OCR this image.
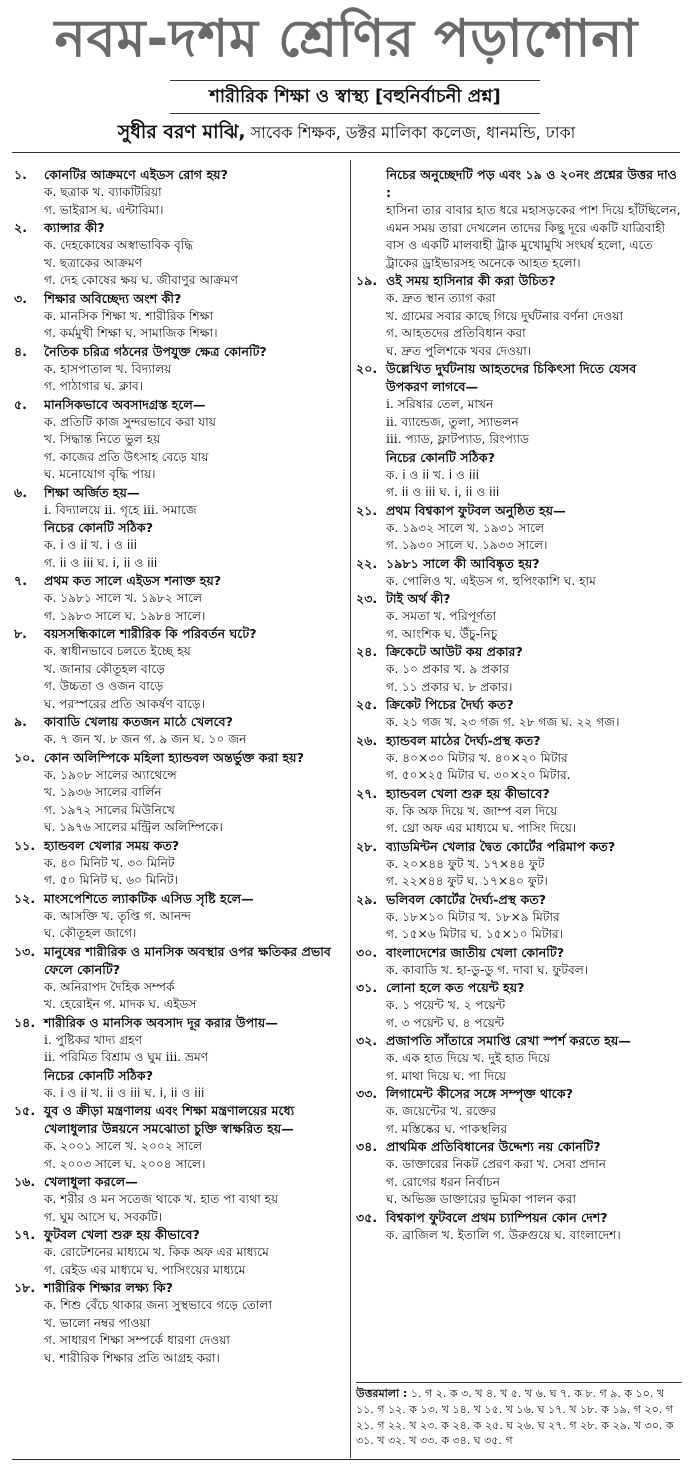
নবম-দশম শ্রেণির পড়াশোনা
শারীরিক শিক্ষা ও স্বাস্থ্য [বহুনির্বাচনী প্রশ্ন]
সুধীর বরণ মাঝি, সাবেক শিক্ষক, ডক্টর মালিকা কলেজ, ধানমন্ডি, ঢাকা
১.	কোনটির আক্রমণে এইডস রোগ হয়?
ক. ছত্রাক খ. ব্যাকটিরিয়া
গ. ভাইরাস ঘ. এন্টাবিমা।
২.	ক্যান্সার কী?
ক. দেহকোষের অস্বাভাবিক বৃদ্ধি
খ. ছত্রাকের আক্রমণ
গ. দেহ কোষের ক্ষয় ঘ. জীবাণুর আক্রমণ
৩.	শিক্ষার অবিচ্ছেদ্য অংশ কী?
ক. মানসিক শিক্ষা খ. শারীরিক শিক্ষা
গ. কর্মমুখী শিক্ষা ঘ. সামাজিক শিক্ষা।
৪.	নৈতিক চরিত্র গঠনের উপযুক্ত ক্ষেত্র কোনটি?
ক. হাসপাতাল খ. বিদ্যালয়
গ. পাঠাগার ঘ. ক্লাব।
৫.	মানসিকভাবে অবসাদগ্রস্ত হলে—
ক. প্রতিটি কাজ সুন্দরভাবে করা যায়
খ. সিদ্ধান্ত নিতে ভুল হয়
গ. কাজের প্রতি উৎসাহ বেড়ে যায়
ঘ. মনোযোগ বৃদ্ধি পায়।
৬.	শিক্ষা অর্জিত হয়—
i. বিদ্যালয়ে ii. গৃহে iii. সমাজে
নিচের কোনটি সঠিক?
ক. i ও ii খ. i ও iii
গ. ii ও iii ঘ. i, ii ও iii
৭.	প্রথম কত সালে এইডস শনাক্ত হয়?
ক. ১৯৮১ সালে খ. ১৯৮২ সালে
গ. ১৯৮৩ সালে ঘ. ১৯৮৪ সালে।
৮.	বয়সসন্ধিকালে শারীরিক কি পরিবর্তন ঘটে?
ক. স্বাধীনভাবে চলতে ইচ্ছে হয়
খ. জানার কৌতূহল বাড়ে
গ. উচ্চতা ও ওজন বাড়ে
ঘ. পরস্পরের প্রতি আকর্ষণ বাড়ে।
৯.	কাবাডি খেলায় কতজন মাঠে খেলবে?
ক. ৭ জন খ. ৮ জন গ. ৯ জন ঘ. ১০ জন
১০. কোন অলিম্পিকে মহিলা হ্যান্ডবল অন্তর্ভুক্ত করা হয়?
ক. ১৯০৮ সালের অ্যাথেন্সে
খ. ১৯৩৬ সালের বার্লিন
গ. ১৯৭২ সালের মিউনিখে
ঘ. ১৯৭৬ সালের মন্ট্রিল অলিম্পিকে।
১১. হ্যান্ডবল খেলার সময় কত?
ক. ৪০ মিনিট খ. ৩০ মিনিট
গ. ৫০ মিনিট ঘ. ৬০ মিনিট।
১২. মাংসপেশিতে ল্যাকটিক এসিড সৃষ্টি হলে—
ক. আসক্তি খ. তৃপ্তি গ. আনন্দ
ঘ. কৌতূহল জাগে।
১৩. মানুষের শারীরিক ও মানসিক অবস্থার ওপর ক্ষতিকর প্রভাব ফেলে কোনটি?
ক. অনিরাপদ দৈহিক সম্পর্ক
খ. হেরোইন গ. মাদক ঘ. এইডস
১৪. শারীরিক ও মানসিক অবসাদ দূর করার উপায়—
i. পুষ্টিকর খাদ্য গ্রহণ
ii. পরিমিত বিশ্রাম ও ঘুম iii. ভ্রমণ
নিচের কোনটি সঠিক?
ক. i ও ii খ. ii ও iii ঘ. i, ii ও iii
১৫. যুব ও ক্রীড়া মন্ত্রণালয় এবং শিক্ষা মন্ত্রণালয়ের মধ্যে খেলাধুলার উন্নয়নে সমঝোতা চুক্তি স্বাক্ষরিত হয়—
ক. ২০০১ সালে খ. ২০০২ সালে
গ. ২০০৩ সালে ঘ. ২০০৪ সালে।
১৬. খেলাধুলা করলে—
ক. শরীর ও মন সতেজ থাকে খ. হাত পা ব্যথা হয়
গ. ঘুম আসে ঘ. সবকটি।
১৭. ফুটবল খেলা শুরু হয় কীভাবে?
ক. রোটেশনের মাধ্যমে খ. কিক অফ এর মাধ্যমে
গ. রেইড এর মাধ্যমে ঘ. পাসিংয়ের মাধ্যমে
১৮. শারীরিক শিক্ষার লক্ষ্য কি?
ক. শিশু বেঁচে থাকার জন্য সুস্থভাবে গড়ে তোলা
খ. ভালো নম্বর পাওয়া
গ. সাধারণ শিক্ষা সম্পর্কে ধারণা দেওয়া
ঘ. শারীরিক শিক্ষার প্রতি আগ্রহ করা।
নিচের অনুচ্ছেদটি পড় এবং ১৯ ও ২০নং প্রশ্নের উত্তর দাও :
হাসিনা তার বাবার হাত ধরে মহাসড়কের পাশ দিয়ে হাঁটছিলেন, এমন সময় তারা দেখলেন তাদের কিছু দূরে একটি যাত্রিবাহী বাস ও একটি মালবাহী ট্রাক মুখোমুখি সংঘর্ষ হলো, এতে ট্রাকের ড্রাইভারসহ অনেকে আহত হলো।
১৯. ওই সময় হাসিনার কী করা উচিত?
ক. দ্রুত স্থান ত্যাগ করা
খ. গ্রামের সবার কাছে গিয়ে দুর্ঘটনার বর্ণনা দেওয়া
গ. আহতদের প্রতিবিধান করা
ঘ. দ্রুত পুলিশকে খবর দেওয়া।
২০. উল্লেখিত দুর্ঘটনায় আহতদের চিকিৎসা দিতে যেসব উপকরণ লাগবে—
i. সরিষার তেল, মাখন
ii. ব্যান্ডেজ, তুলা, স্যাভলন
iii. প্যাড, ফ্লাটপ্যাড, রিংপ্যাড
নিচের কোনটি সঠিক?
ক. i ও ii খ. i ও iii
গ. ii ও iii ঘ. i, ii ও iii
২১. প্রথম বিশ্বকাপ ফুটবল অনুষ্ঠিত হয়—
ক. ১৯৩২ সালে খ. ১৯৩১ সালে
গ. ১৯৩০ সালে ঘ. ১৯৩৩ সালে।
২২. ১৯৮১ সালে কী আবিষ্কৃত হয়?
ক. পোলিও খ. এইডস গ. হুপিংকাশি ঘ. হাম
২৩. টাই অর্থ কী?
ক. সমতা খ. পরিপূর্ণতা
গ. আংশিক ঘ. উঁচু-নিচু
২৪. ক্রিকেটে আউট কয় প্রকার?
ক. ১০ প্রকার খ. ৯ প্রকার
গ. ১১ প্রকার ঘ. ৮ প্রকার।
২৫. ক্রিকেট পিচের দৈর্ঘ্য কত?
ক. ২১ গজ খ. ২৩ গজ গ. ২৮ গজ ঘ. ২২ গজ।
২৬. হ্যান্ডবল মাঠের দৈর্ঘ্য-প্রস্থ কত?
ক. ৪০×৩০ মিটার খ. ৪০×২০ মিটার
গ. ৫০×২৫ মিটার ঘ. ৩০×২০ মিটার.
২৭. হ্যান্ডবল খেলা শুরু হয় কীভাবে?
ক. কি অফ দিয়ে খ. জাম্প বল দিয়ে
গ. থ্রো অফ এর মাধ্যমে ঘ. পাসিং দিয়ে।
২৮. ব্যাডমিন্টন খেলার দ্বৈত কোর্টের পরিমাপ কত?
ক. ২০×৪৪ ফুট খ. ১৭×৪৪ ফুট
গ. ২২×৪৪ ফুট ঘ. ১৭×৪০ ফুট।
২৯. ভলিবল কোর্টের দৈর্ঘ্য-প্রস্থ কত?
ক. ১৮×১০ মিটার খ. ১৮×৯ মিটার
গ. ১৫×৬ মিটার ঘ. ১৫×১০ মিটার।
৩০. বাংলাদেশের জাতীয় খেলা কোনটি?
ক. কাবাডি খ. হা-ডু-ডু গ. দাবা ঘ. ফুটবল।
৩১. লোনা হলে কত পয়েন্ট হয়?
ক. ১ পয়েন্ট খ. ২ পয়েন্ট
গ. ৩ পয়েন্ট ঘ. ৪ পয়েন্ট
৩২. প্রজাপতি সাঁতারে সমাপ্তি রেখা স্পর্শ করতে হয়—
ক. এক হাত দিয়ে খ. দুই হাত দিয়ে
গ. মাথা দিয়ে ঘ. পা দিয়ে
৩৩. লিগামেন্ট কীসের সঙ্গে সম্পৃক্ত থাকে?
ক. জয়েন্টের খ. রক্তের
গ. মস্তিষ্কের ঘ. পাকস্থলির
৩৪. প্রাথমিক প্রতিবিধানের উদ্দেশ্য নয় কোনটি?
ক. ডাক্তারের নিকট প্রেরণ করা খ. সেবা প্রদান
গ. রোগের ধরন নির্বাচন
ঘ. অভিজ্ঞ ডাক্তারের ভূমিকা পালন করা
৩৫. বিশ্বকাপ ফুটবলে প্রথম চ্যাম্পিয়ন কোন দেশ?
ক. ব্রাজিল খ. ইতালি গ. উরুগুয়ে ঘ. বাংলাদেশ।
উত্তরমালা : ১. গ ২. ক ৩. খ ৪. খ ৫. খ ৬. ঘ ৭. ক ৮. গ ৯. ক ১০. খ ১১. গ ১২. ক ১৩. খ ১৪. খ ১৫. খ ১৬. ঘ ১৭. খ ১৮. ক ১৯. গ ২০. গ ২১. গ ২২. খ ২৩. ক ২৪. ক ২৫. ঘ ২৬. ঘ ২৭. গ ২৮. ক ২৯. খ ৩০. ক ৩১. খ ৩২. খ ৩৩. ক ৩৪. ঘ ৩৫. গ
